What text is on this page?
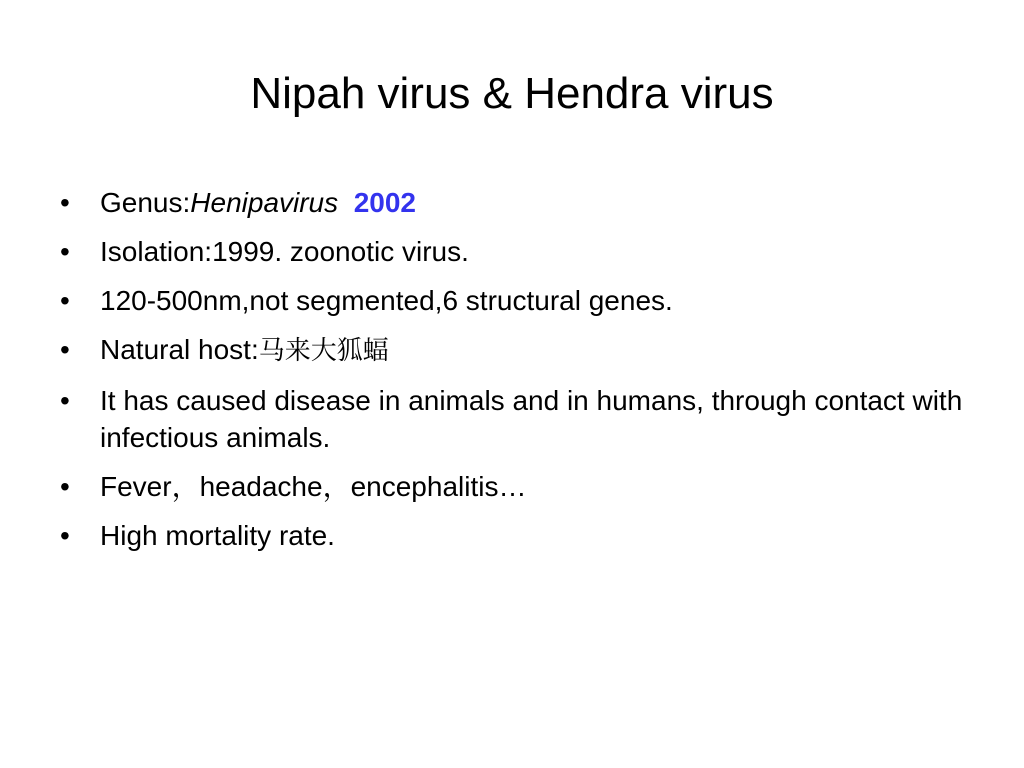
Nipah virus & Hendra virus
•	Genus:Henipavirus 2002
•	Isolation:1999. zoonotic virus.
•	120-500nm,not segmented,6 structural genes.
•	Natural host:马来大狐蝠
•	It has caused disease in animals and in humans, through contact with infectious animals.
•	Fever，headache，encephalitis…
•	High mortality rate.
